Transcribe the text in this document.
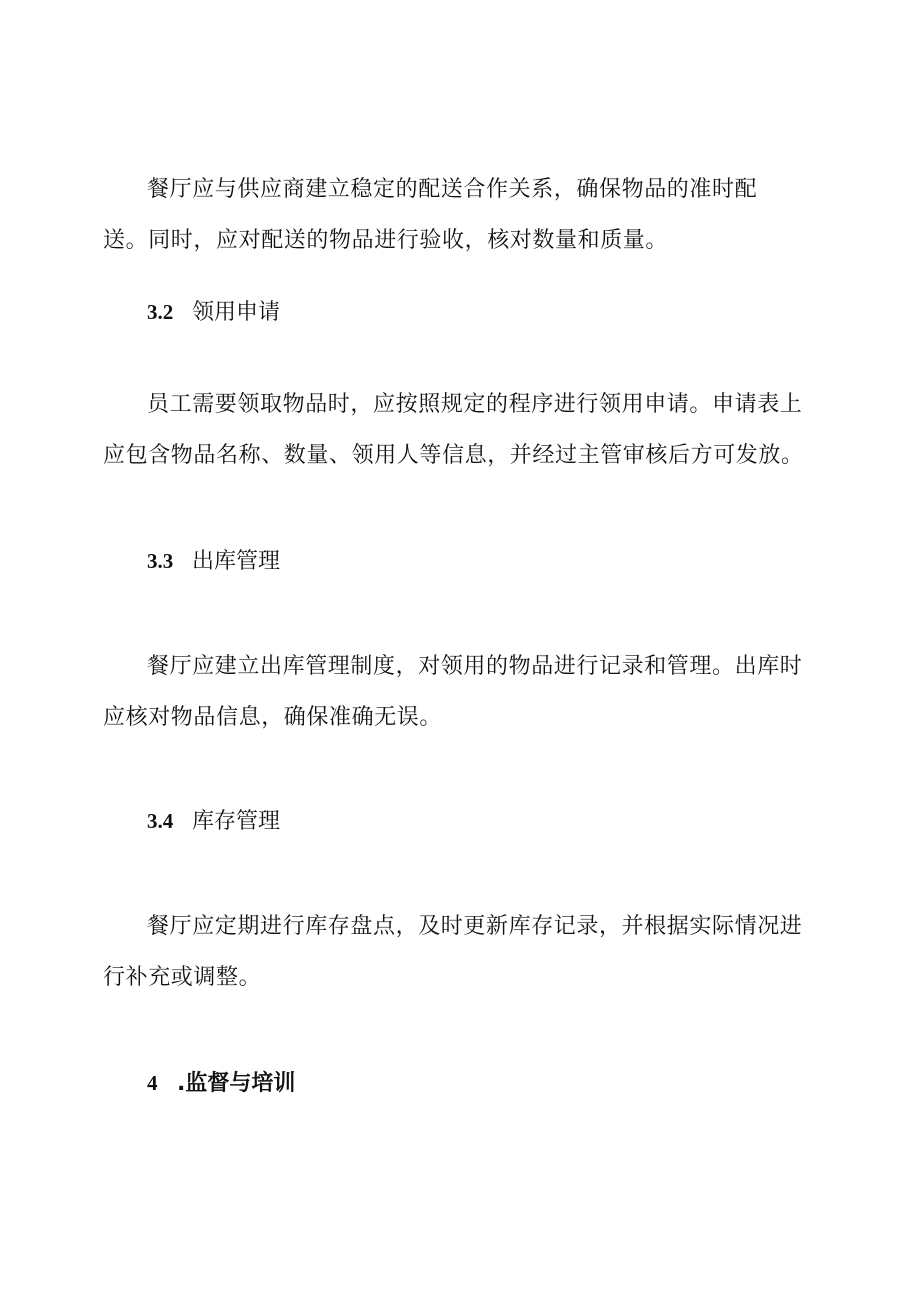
餐厅应与供应商建立稳定的配送合作关系，确保物品的准时配
送。同时，应对配送的物品进行验收，核对数量和质量。
3.2 领用申请
员工需要领取物品时，应按照规定的程序进行领用申请。申请表上
应包含物品名称、数量、领用人等信息，并经过主管审核后方可发放。
3.3 出库管理
餐厅应建立出库管理制度，对领用的物品进行记录和管理。出库时
应核对物品信息，确保准确无误。
3.4 库存管理
餐厅应定期进行库存盘点，及时更新库存记录，并根据实际情况进
行补充或调整。
4 .监督与培训
